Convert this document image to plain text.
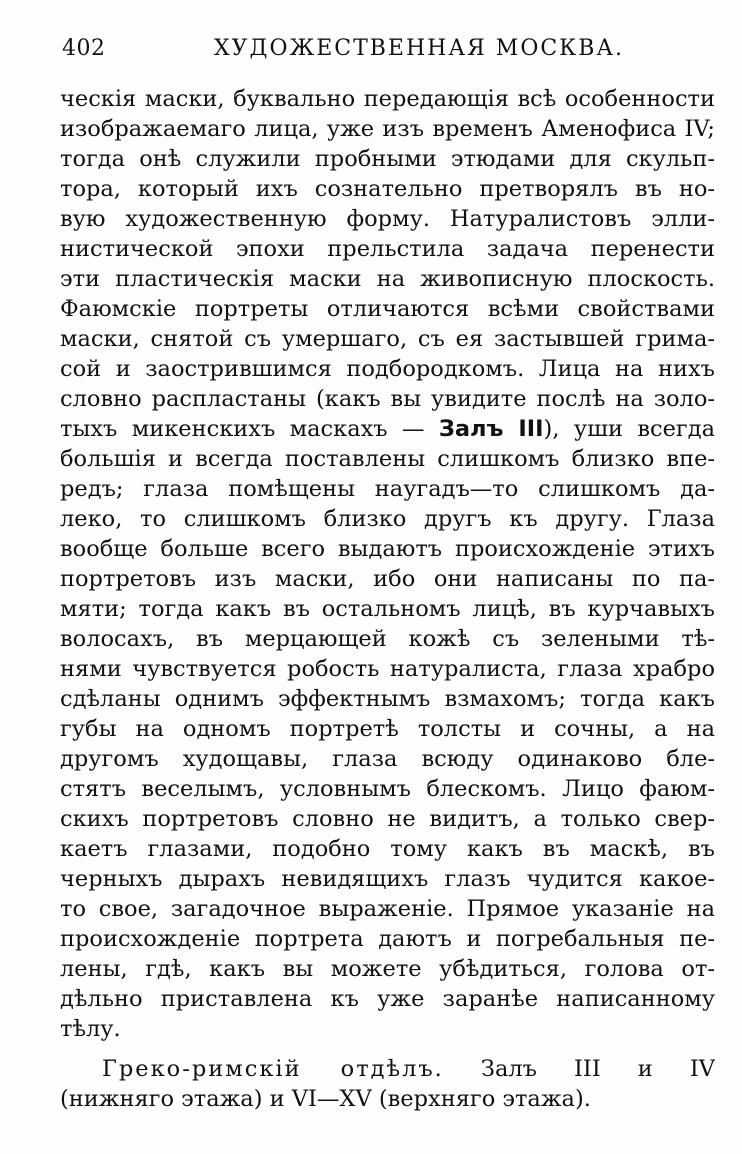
402	ХУДОЖЕСТВЕННАЯ МОСКВА.
ческія маски, буквально передающія всѣ особенности
изображаемаго лица, уже изъ временъ Аменофиса IV;
тогда онѣ служили пробными этюдами для скульп-
тора, который ихъ сознательно претворялъ въ но-
вую художественную форму. Натуралистовъ элли-
нистической эпохи прельстила задача перенести
эти пластическія маски на живописную плоскость.
Фаюмскіе портреты отличаются всѣми свойствами
маски, снятой съ умершаго, съ ея застывшей грима-
сой и заострившимся подбородкомъ. Лица на нихъ
словно распластаны (какъ вы увидите послѣ на золо-
тыхъ микенскихъ маскахъ — Залъ III), уши всегда
большія и всегда поставлены слишкомъ близко впе-
редъ; глаза помѣщены наугадъ—то слишкомъ да-
леко, то слишкомъ близко другъ къ другу. Глаза
вообще больше всего выдаютъ происхожденіе этихъ
портретовъ изъ маски, ибо они написаны по па-
мяти; тогда какъ въ остальномъ лицѣ, въ курчавыхъ
волосахъ, въ мерцающей кожѣ съ зелеными тѣ-
нями чувствуется робость натуралиста, глаза храбро
сдѣланы однимъ эффектнымъ взмахомъ; тогда какъ
губы на одномъ портретѣ толсты и сочны, а на
другомъ худощавы, глаза всюду одинаково бле-
стятъ веселымъ, условнымъ блескомъ. Лицо фаюм-
скихъ портретовъ словно не видитъ, а только свер-
каетъ глазами, подобно тому какъ въ маскѣ, въ
черныхъ дырахъ невидящихъ глазъ чудится какое-
то свое, загадочное выраженіе. Прямое указаніе на
происхожденіе портрета даютъ и погребальныя пе-
лены, гдѣ, какъ вы можете убѣдиться, голова от-
дѣльно приставлена къ уже заранѣе написанному
тѣлу.
Греко-римскій отдѣлъ. Залъ III и IV
(нижняго этажа) и VI—XV (верхняго этажа).
